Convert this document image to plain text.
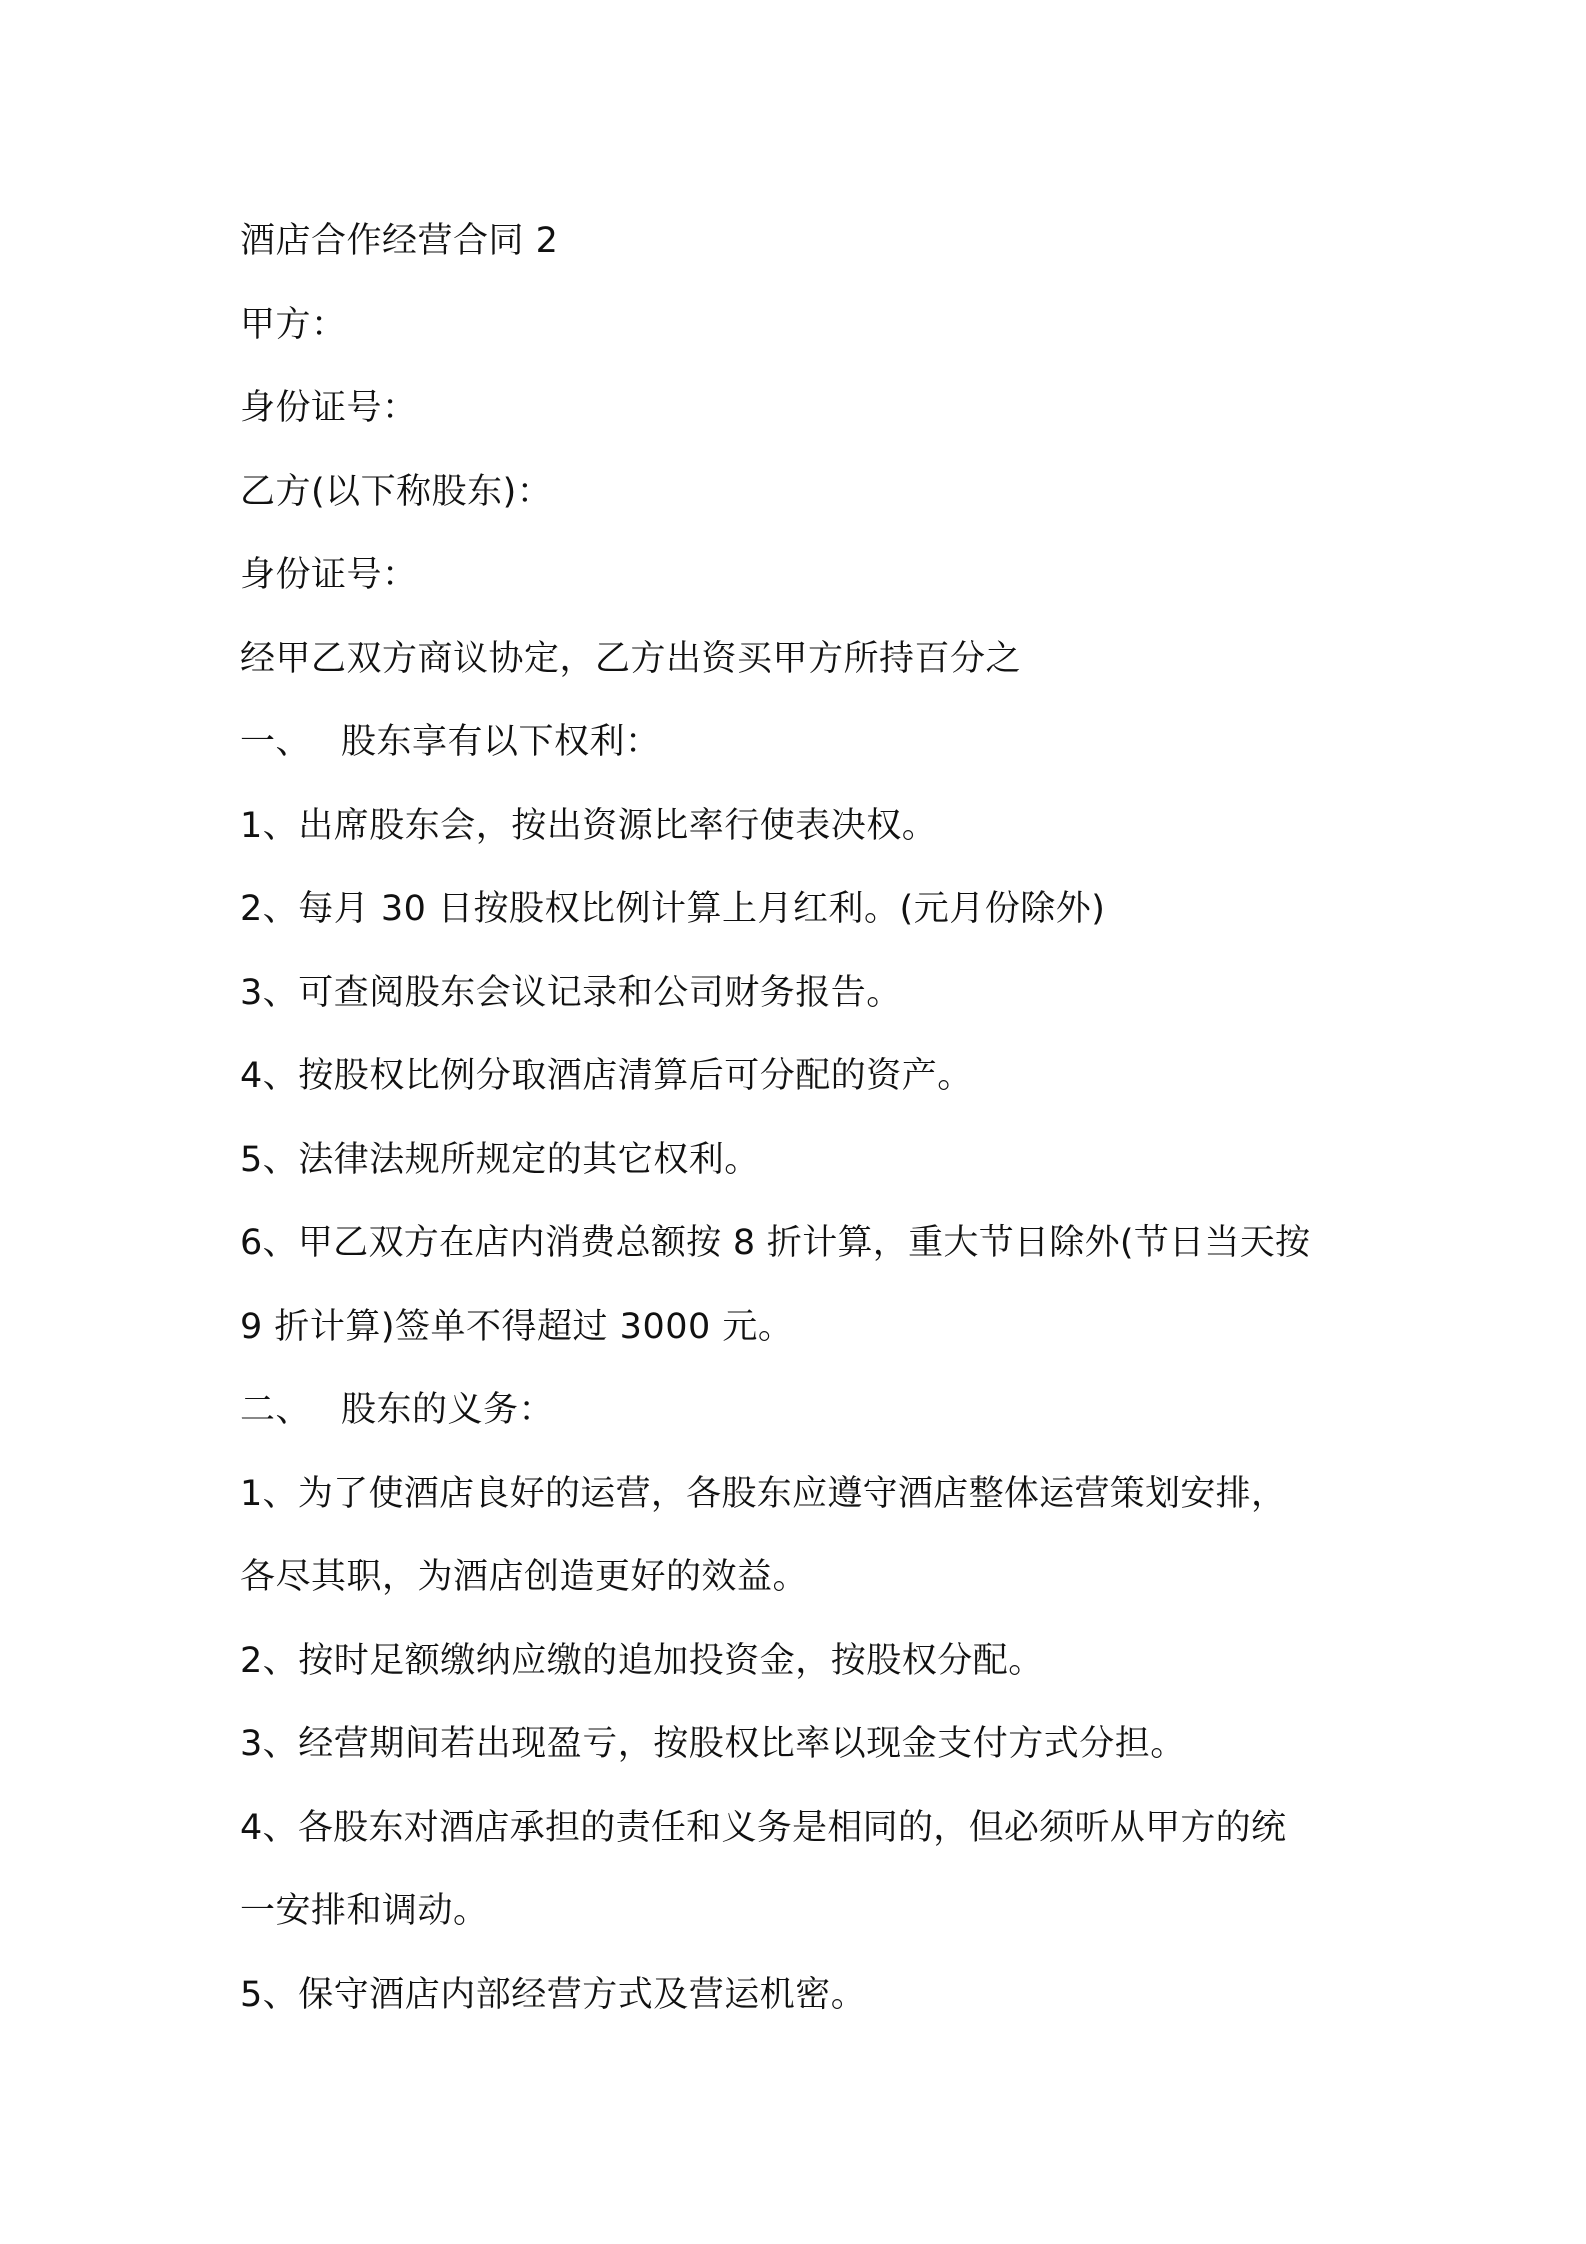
酒店合作经营合同 2
甲方：
身份证号：
乙方(以下称股东)：
身份证号：
经甲乙双方商议协定，乙方出资买甲方所持百分之
一、 股东享有以下权利：
1、出席股东会，按出资源比率行使表决权。
2、每月 30 日按股权比例计算上月红利。(元月份除外)
3、可查阅股东会议记录和公司财务报告。
4、按股权比例分取酒店清算后可分配的资产。
5、法律法规所规定的其它权利。
6、甲乙双方在店内消费总额按 8 折计算，重大节日除外(节日当天按
9 折计算)签单不得超过 3000 元。
二、 股东的义务：
1、为了使酒店良好的运营，各股东应遵守酒店整体运营策划安排，
各尽其职，为酒店创造更好的效益。
2、按时足额缴纳应缴的追加投资金，按股权分配。
3、经营期间若出现盈亏，按股权比率以现金支付方式分担。
4、各股东对酒店承担的责任和义务是相同的，但必须听从甲方的统
一安排和调动。
5、保守酒店内部经营方式及营运机密。
